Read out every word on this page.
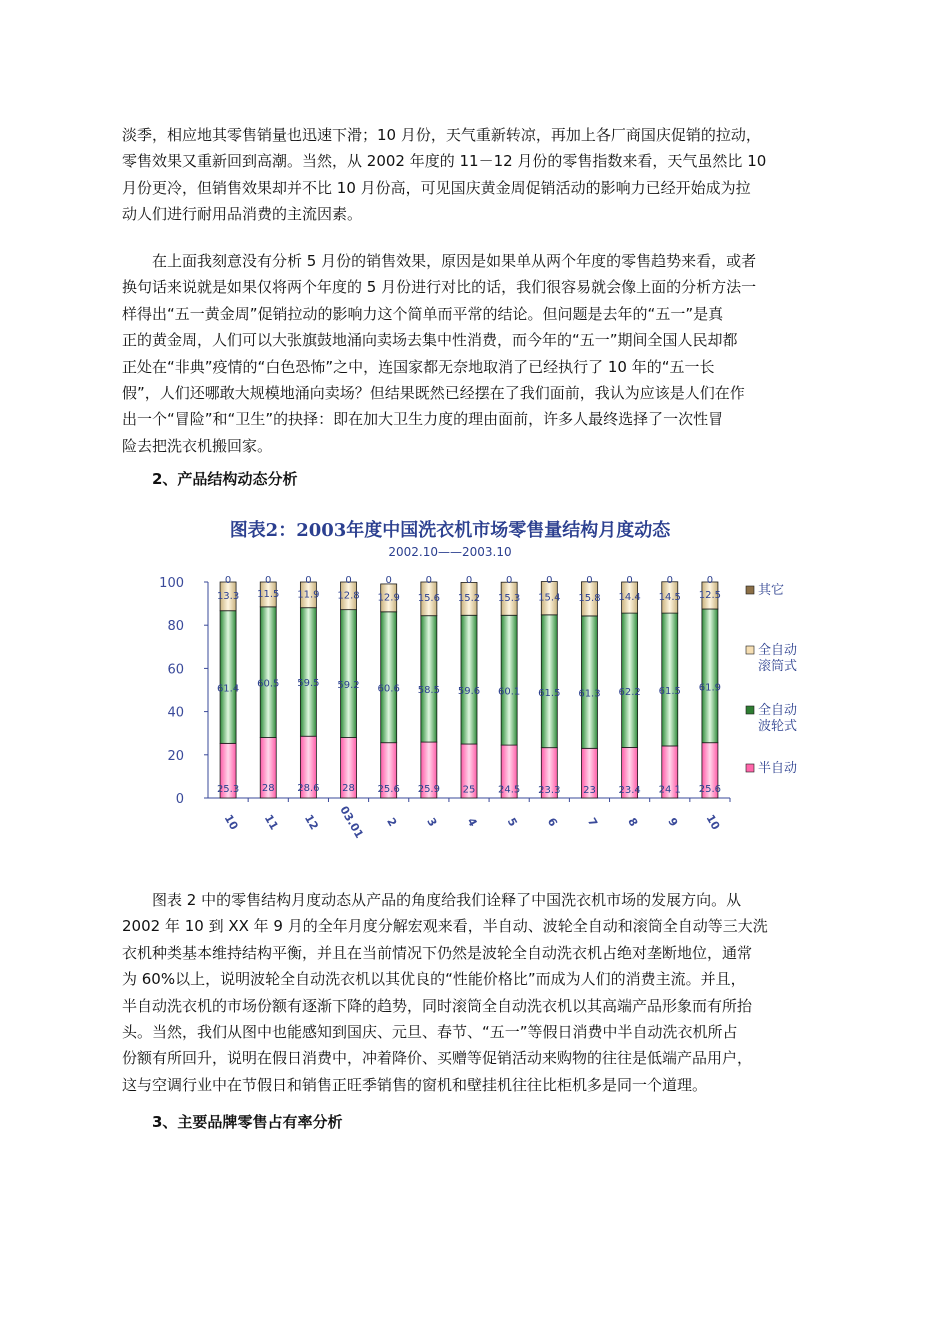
淡季，相应地其零售销量也迅速下滑；10 月份，天气重新转凉，再加上各厂商国庆促销的拉动，
零售效果又重新回到高潮。当然，从 2002 年度的 11－12 月份的零售指数来看，天气虽然比 10
月份更冷，但销售效果却并不比 10 月份高，可见国庆黄金周促销活动的影响力已经开始成为拉
动人们进行耐用品消费的主流因素。
在上面我刻意没有分析 5 月份的销售效果，原因是如果单从两个年度的零售趋势来看，或者
换句话来说就是如果仅将两个年度的 5 月份进行对比的话，我们很容易就会像上面的分析方法一
样得出“五一黄金周”促销拉动的影响力这个简单而平常的结论。但问题是去年的“五一”是真
正的黄金周，人们可以大张旗鼓地涌向卖场去集中性消费，而今年的“五一”期间全国人民却都
正处在“非典”疫情的“白色恐怖”之中，连国家都无奈地取消了已经执行了 10 年的“五一长
假”，人们还哪敢大规模地涌向卖场？但结果既然已经摆在了我们面前，我认为应该是人们在作
出一个“冒险”和“卫生”的抉择：即在加大卫生力度的理由面前，许多人最终选择了一次性冒
险去把洗衣机搬回家。
2、产品结构动态分析
图表2：2003年度中国洗衣机市场零售量结构月度动态
2002.10——2003.10
0
20
40
60
80
100
25.3
61.4
13.3
0
10
28
60.5
11.5
0
11
28.6
59.5
11.9
0
12
28
59.2
12.8
0
03.01
25.6
60.6
12.9
0
2
25.9
58.5
15.6
0
3
25
59.6
15.2
0
4
24.5
60.1
15.3
0
5
23.3
61.5
15.4
0
6
23
61.3
15.8
0
7
23.4
62.2
14.4
0
8
24 1
61.5
14.5
0
9
25.6
61.9
12.5
0
10
其它
全自动
滚筒式
全自动
波轮式
半自动
图表 2 中的零售结构月度动态从产品的角度给我们诠释了中国洗衣机市场的发展方向。从
2002 年 10 到 XX 年 9 月的全年月度分解宏观来看，半自动、波轮全自动和滚筒全自动等三大洗
衣机种类基本维持结构平衡，并且在当前情况下仍然是波轮全自动洗衣机占绝对垄断地位，通常
为 60%以上，说明波轮全自动洗衣机以其优良的“性能价格比”而成为人们的消费主流。并且，
半自动洗衣机的市场份额有逐渐下降的趋势，同时滚筒全自动洗衣机以其高端产品形象而有所抬
头。当然，我们从图中也能感知到国庆、元旦、春节、“五一”等假日消费中半自动洗衣机所占
份额有所回升，说明在假日消费中，冲着降价、买赠等促销活动来购物的往往是低端产品用户，
这与空调行业中在节假日和销售正旺季销售的窗机和壁挂机往往比柜机多是同一个道理。
3、主要品牌零售占有率分析
